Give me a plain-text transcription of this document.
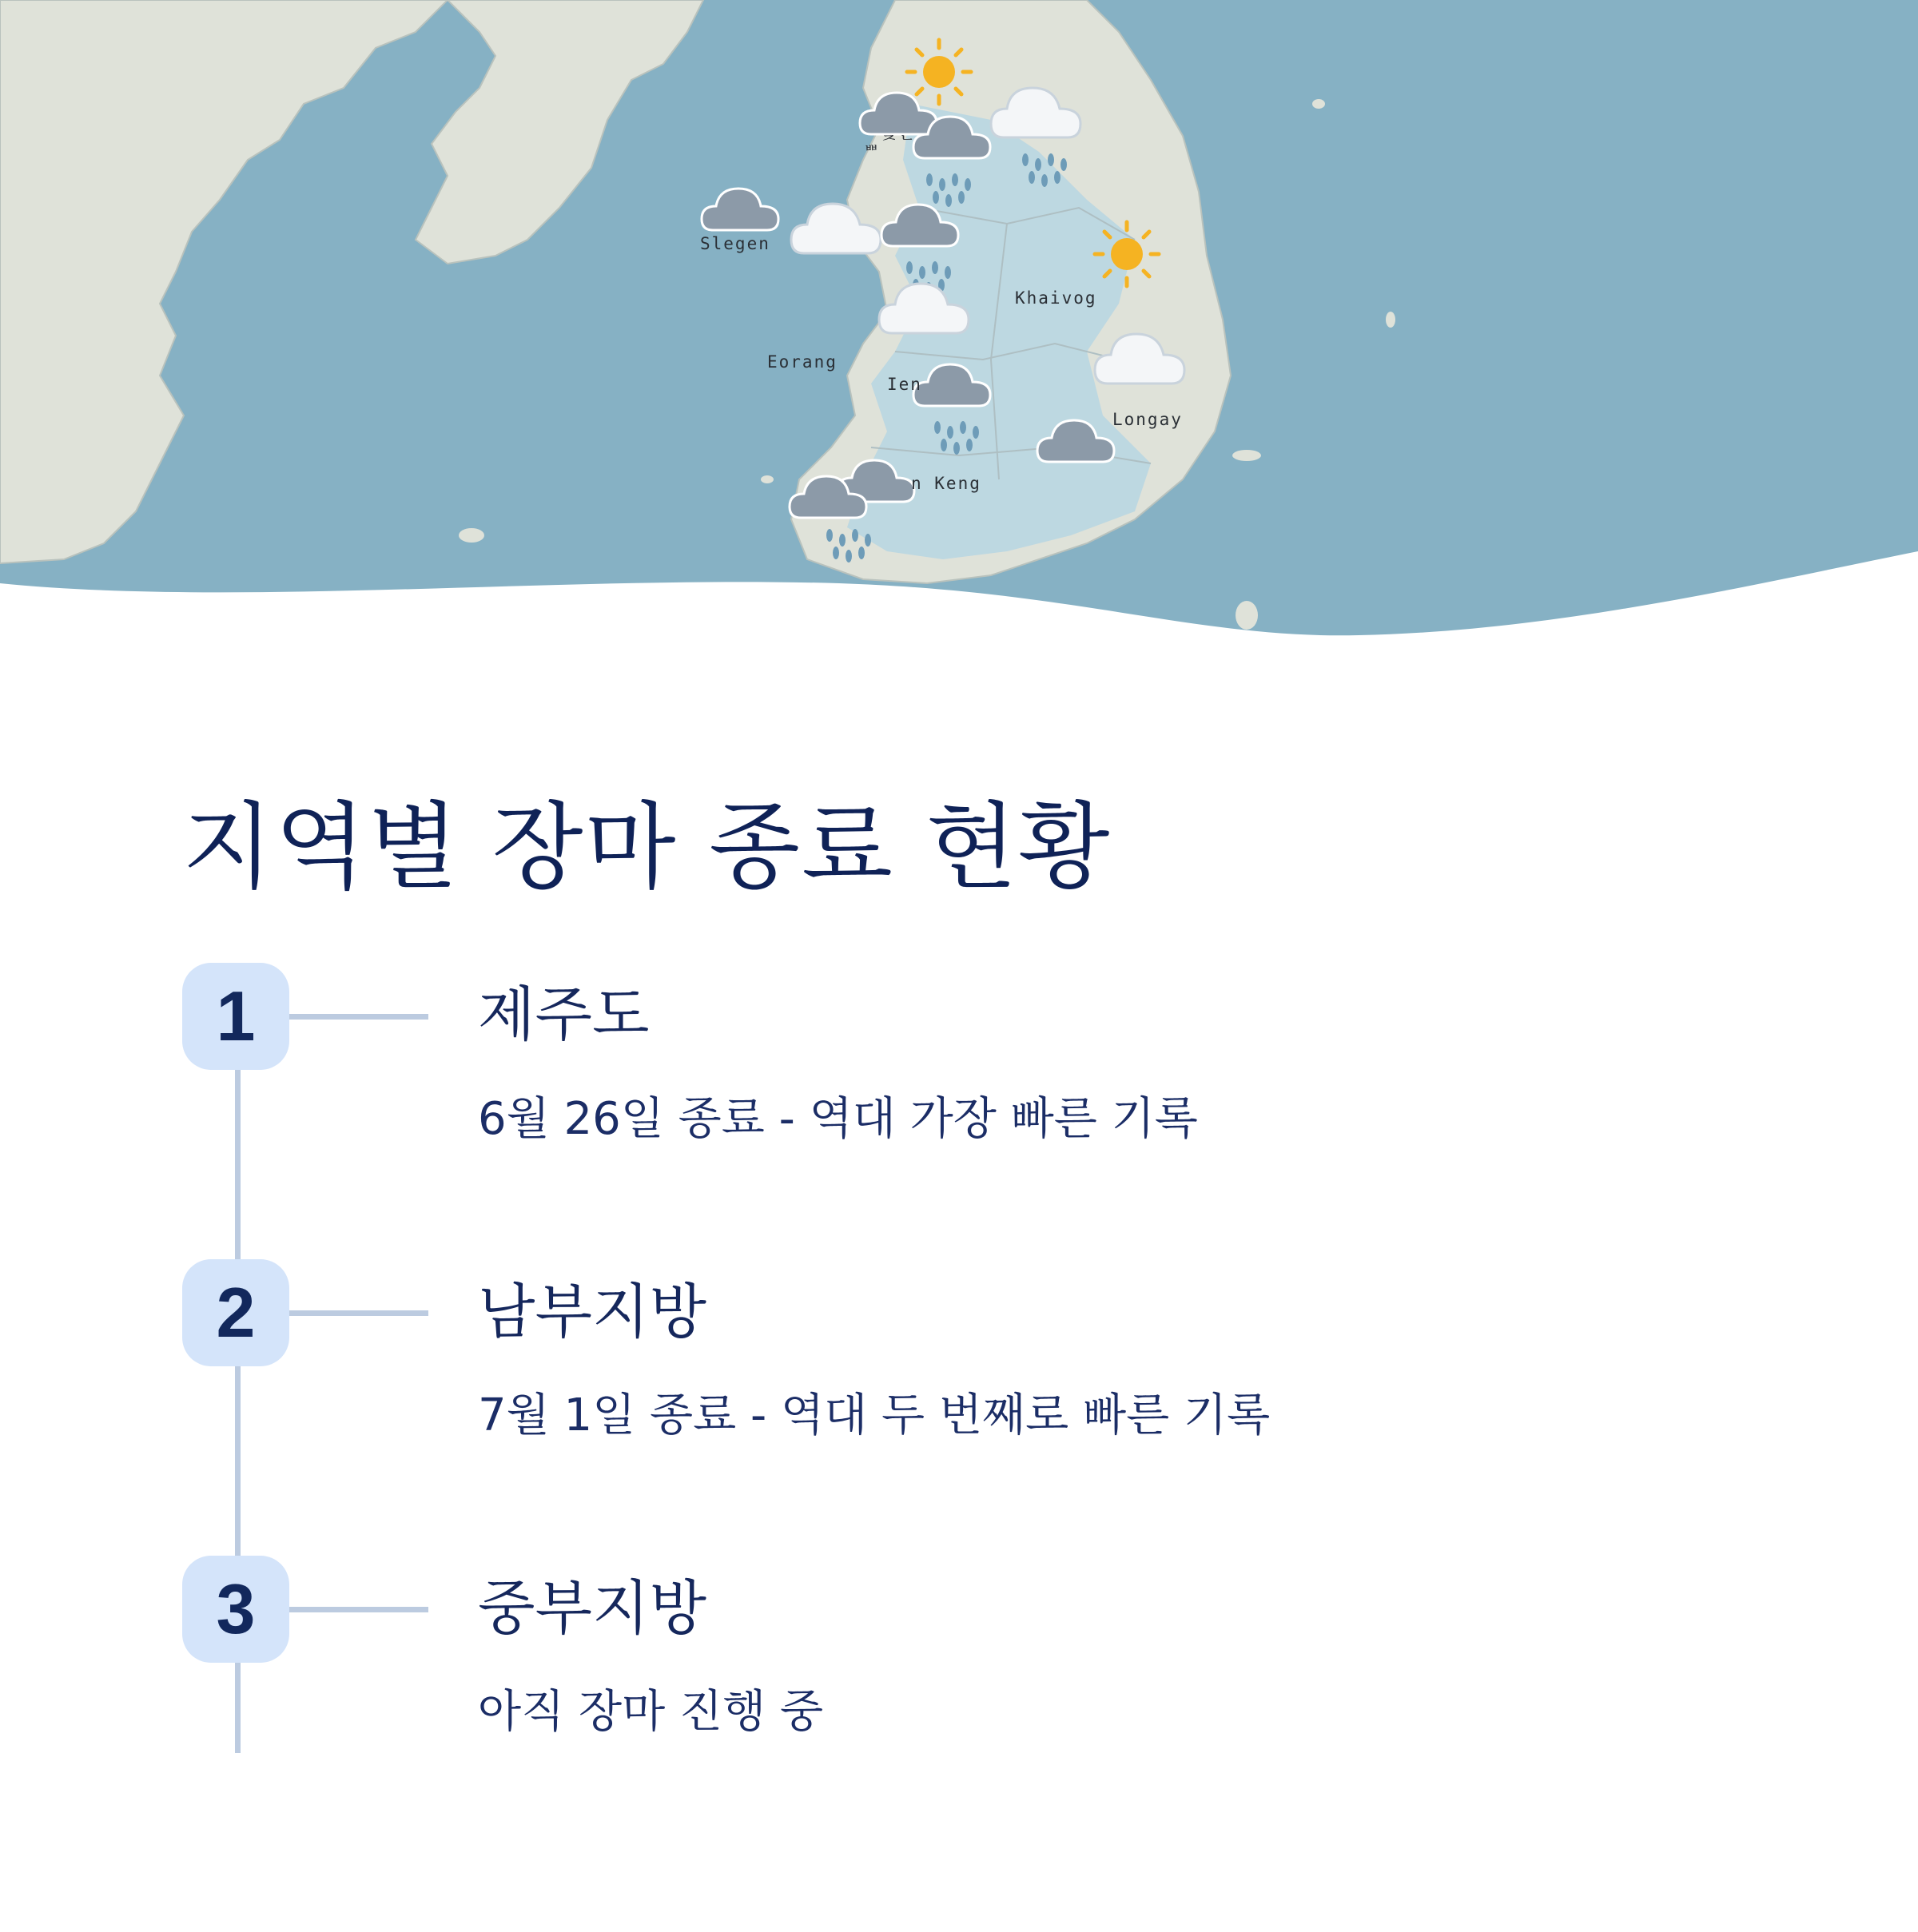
ᆸᆸᄌᄂ
Slegen
Eorang
Ien
Khaivog
Longay
n Keng
지역별 장마 종료 현황
1	제주도
6월 26일 종료 - 역대 가장 빠른 기록
2	남부지방
7월 1일 종료 - 역대 두 번째로 빠른 기록
3	중부지방
아직 장마 진행 중
